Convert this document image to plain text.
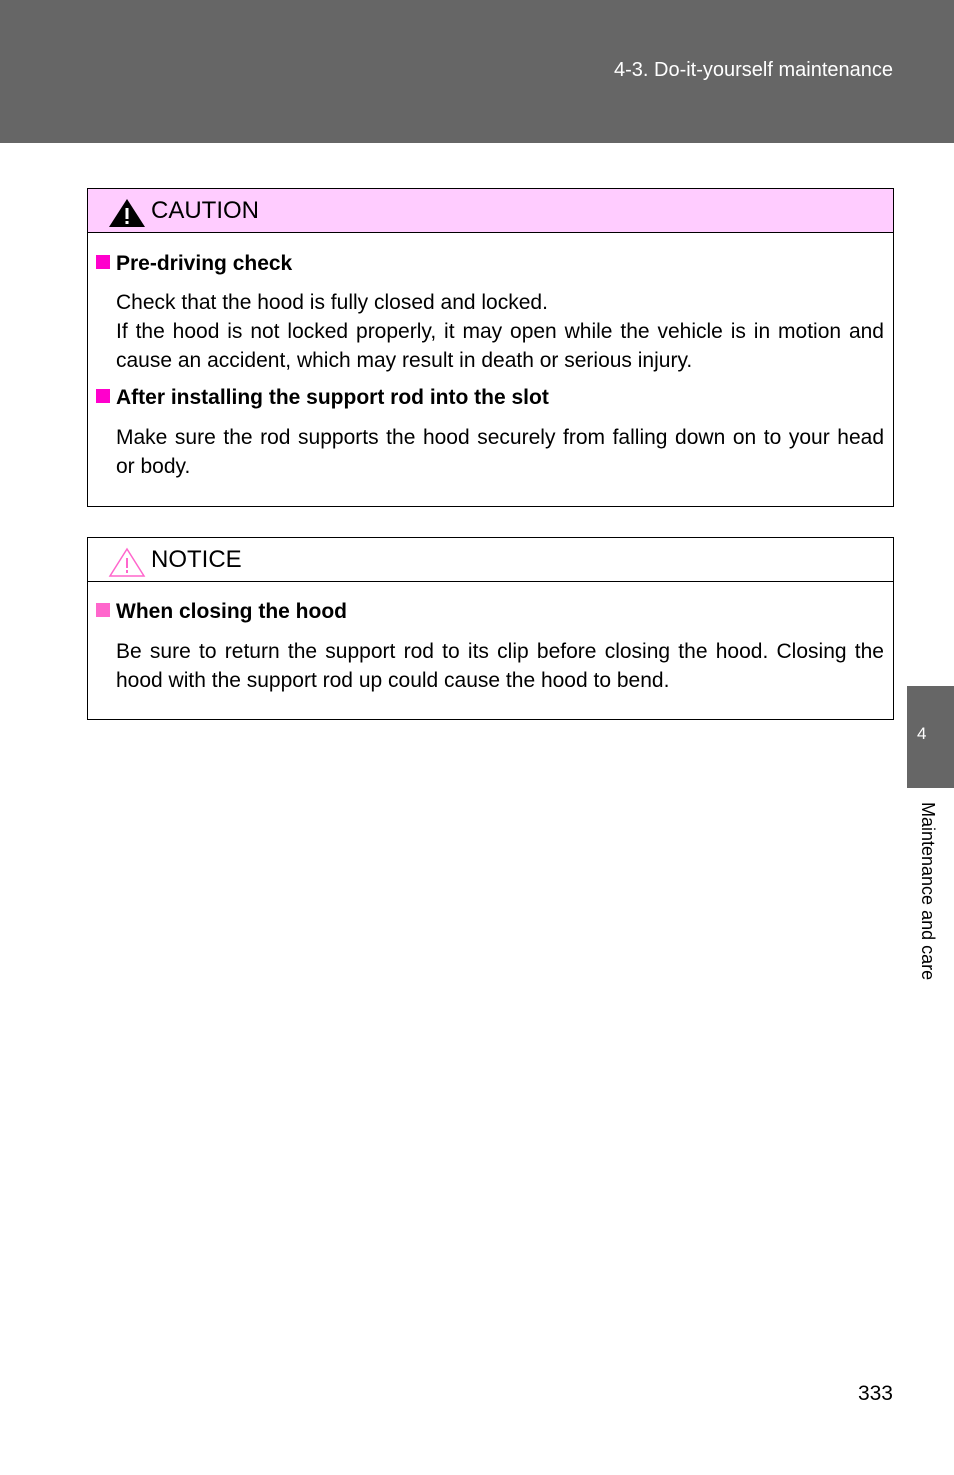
4-3. Do-it-yourself maintenance
CAUTION
Pre-driving check
Check that the hood is fully closed and locked.
If the hood is not locked properly, it may open while the vehicle is in motion and cause an accident, which may result in death or serious injury.
After installing the support rod into the slot
Make sure the rod supports the hood securely from falling down on to your head or body.
NOTICE
When closing the hood
Be sure to return the support rod to its clip before closing the hood. Closing the hood with the support rod up could cause the hood to bend.
4
Maintenance and care
333
